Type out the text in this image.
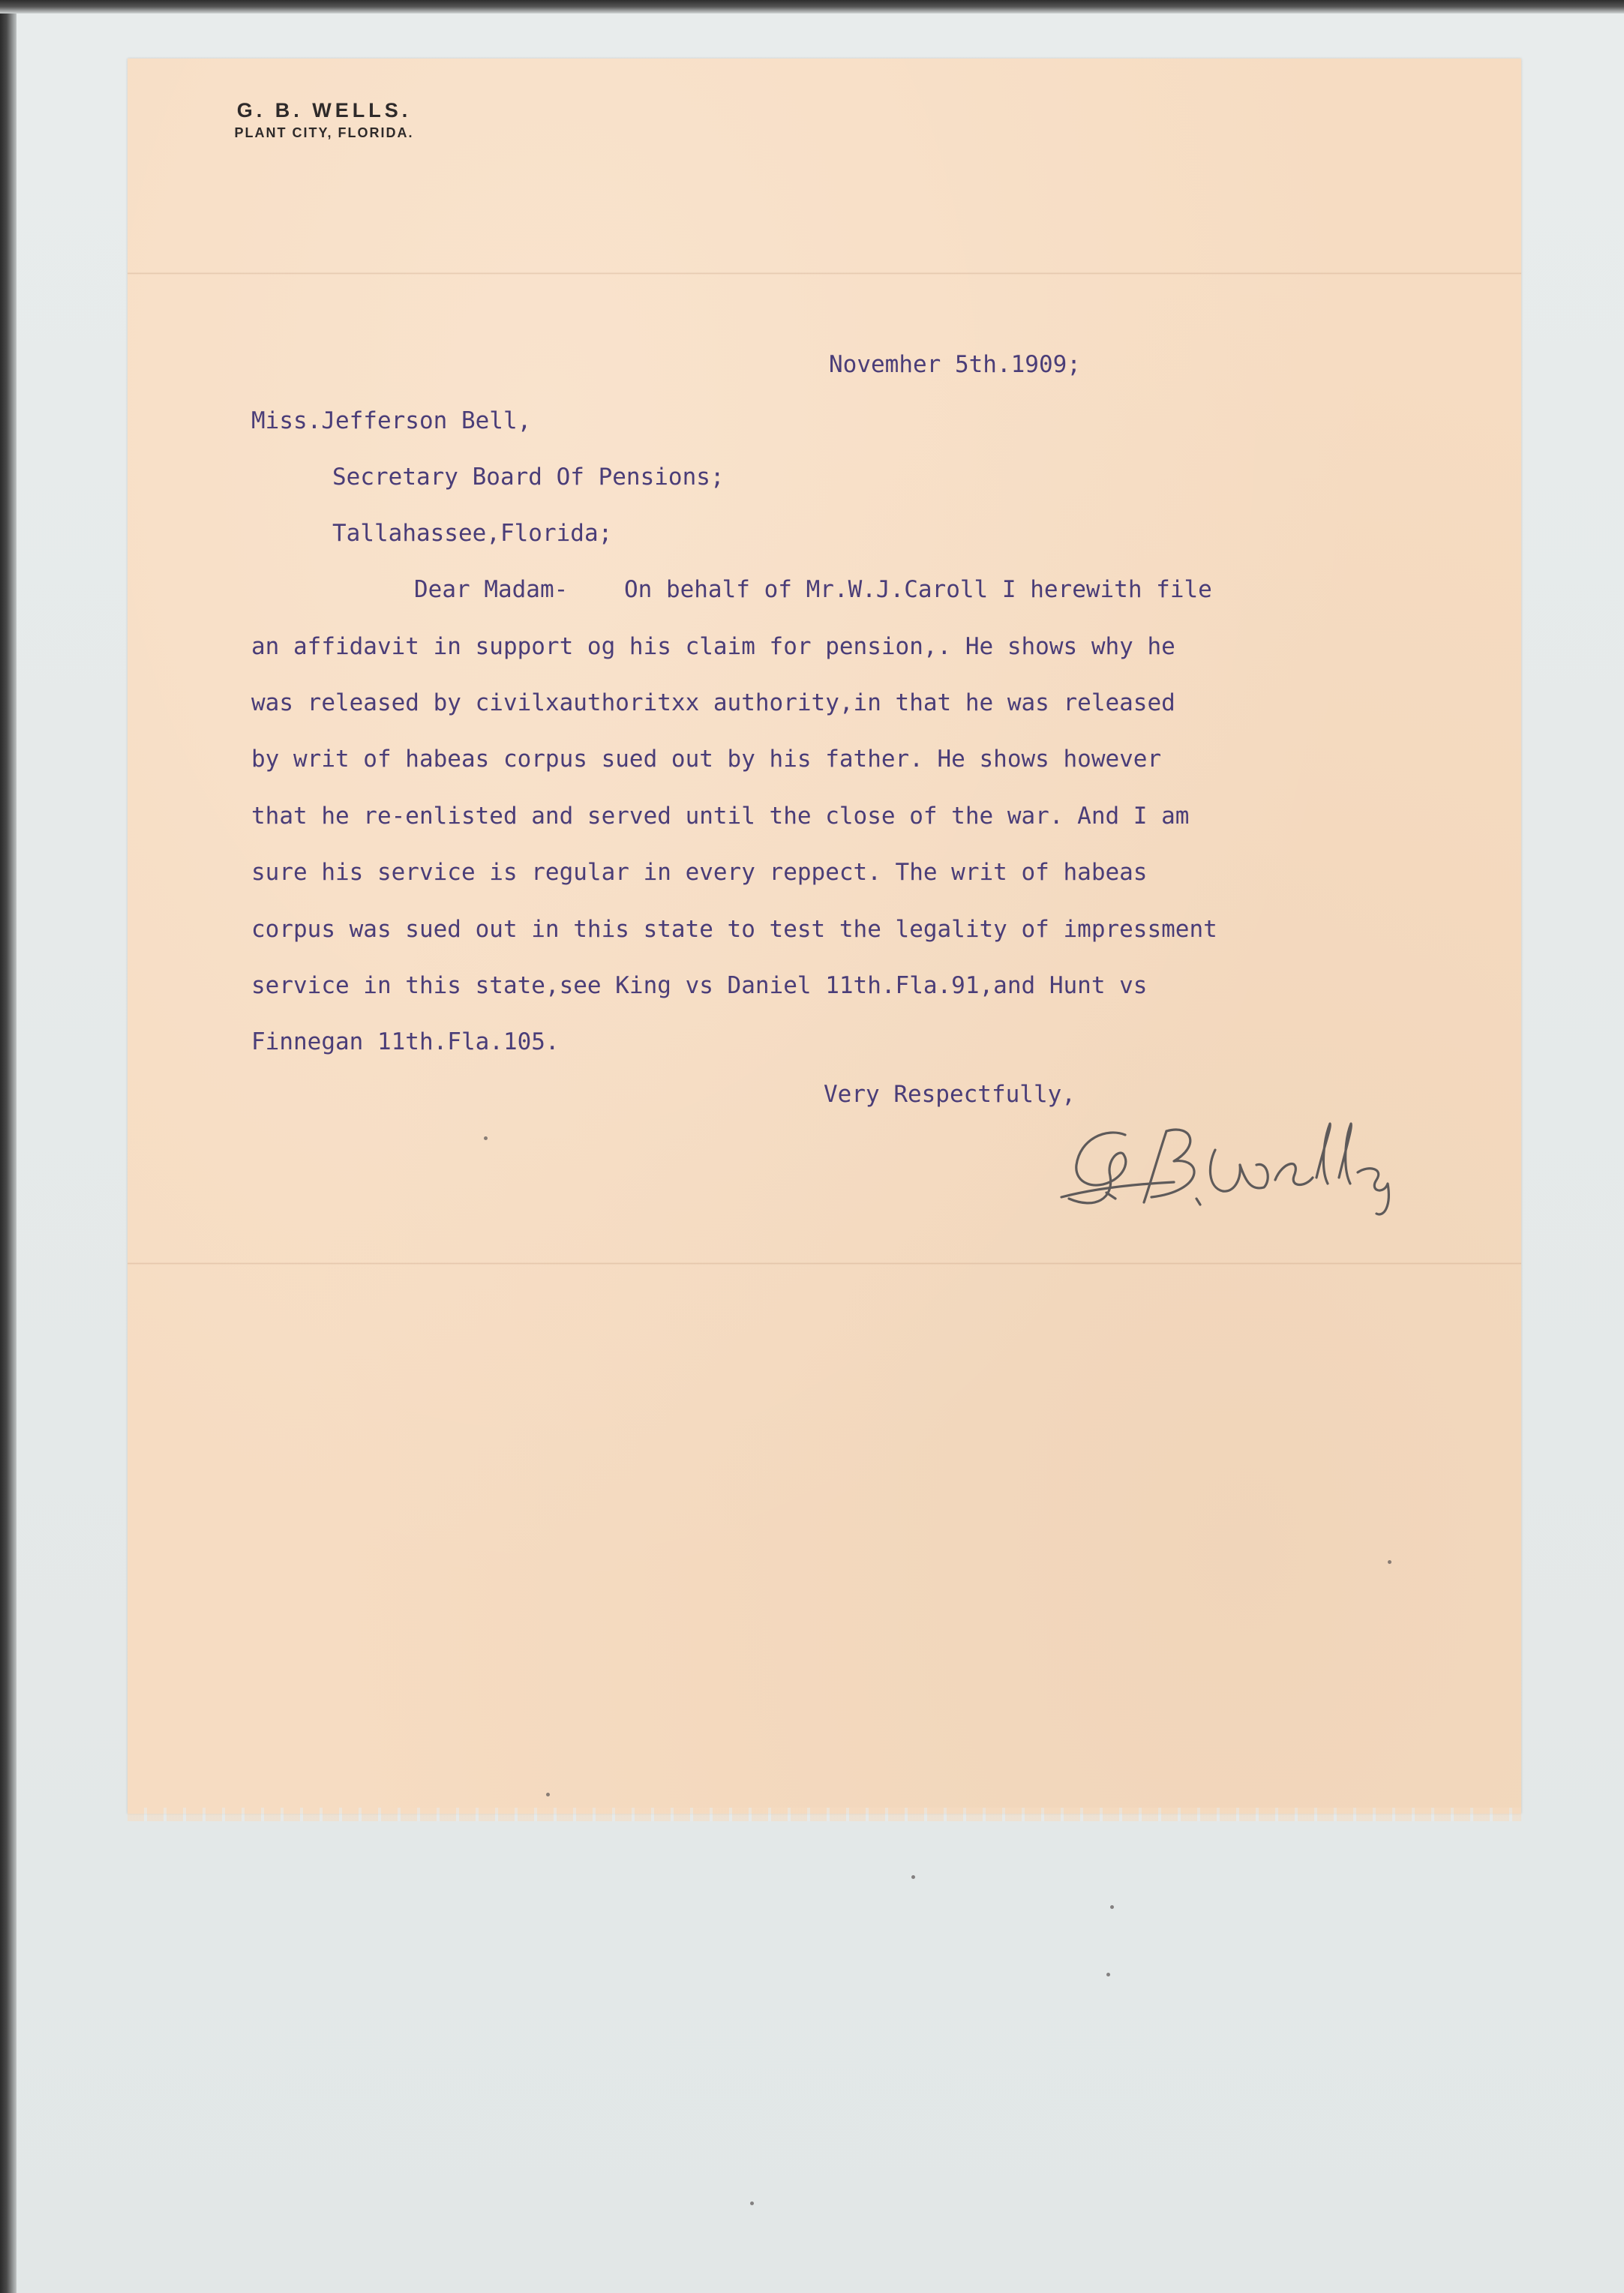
G. B. WELLS.
PLANT CITY, FLORIDA.
Novemher 5th.1909;
Miss.Jefferson Bell,
Secretary Board Of Pensions;
Tallahassee,Florida;
Dear Madam-    On behalf of Mr.W.J.Caroll I herewith file
an affidavit in support og his claim for pension,. He shows why he
was released by civilxauthoritxx authority,in that he was released
by writ of habeas corpus sued out by his father. He shows however
that he re-enlisted and served until the close of the war. And I am
sure his service is regular in every reppect. The writ of habeas
corpus was sued out in this state to test the legality of impressment
service in this state,see King vs Daniel 11th.Fla.91,and Hunt vs
Finnegan 11th.Fla.105.
Very Respectfully,
